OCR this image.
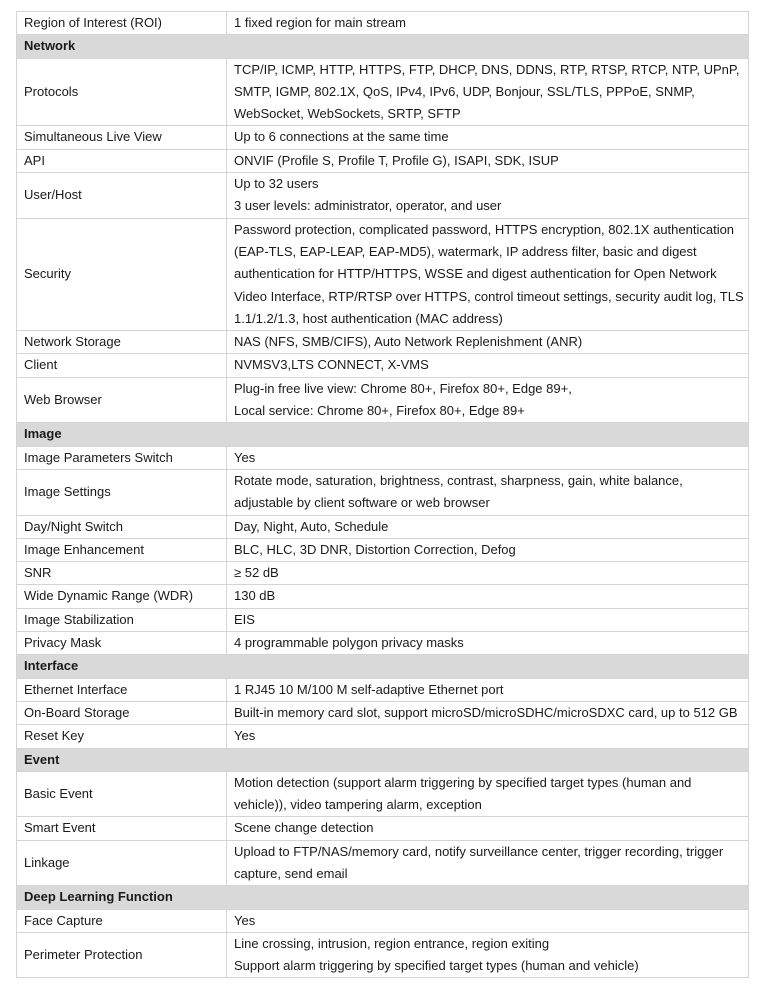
Region of Interest (ROI)	1 fixed region for main stream

Network	
Protocols	TCP/IP, ICMP, HTTP, HTTPS, FTP, DHCP, DNS, DDNS, RTP, RTSP, RTCP, NTP, UPnP,
SMTP, IGMP, 802.1X, QoS, IPv4, IPv6, UDP, Bonjour, SSL/TLS, PPPoE, SNMP,
WebSocket, WebSockets, SRTP, SFTP

Simultaneous Live View	Up to 6 connections at the same time

API	ONVIF (Profile S, Profile T, Profile G), ISAPI, SDK, ISUP

User/Host	Up to 32 users
3 user levels: administrator, operator, and user

Security	Password protection, complicated password, HTTPS encryption, 802.1X authentication
(EAP-TLS, EAP-LEAP, EAP-MD5), watermark, IP address filter, basic and digest
authentication for HTTP/HTTPS, WSSE and digest authentication for Open Network
Video Interface, RTP/RTSP over HTTPS, control timeout settings, security audit log, TLS
1.1/1.2/1.3, host authentication (MAC address)

Network Storage	NAS (NFS, SMB/CIFS), Auto Network Replenishment (ANR)

Client	NVMSV3,LTS CONNECT, X-VMS

Web Browser	Plug-in free live view: Chrome 80+, Firefox 80+, Edge 89+,
Local service: Chrome 80+, Firefox 80+, Edge 89+

Image	
Image Parameters Switch	Yes

Image Settings	Rotate mode, saturation, brightness, contrast, sharpness, gain, white balance,
adjustable by client software or web browser

Day/Night Switch	Day, Night, Auto, Schedule

Image Enhancement	BLC, HLC, 3D DNR, Distortion Correction, Defog

SNR	≥ 52 dB

Wide Dynamic Range (WDR)	130 dB

Image Stabilization	EIS

Privacy Mask	4 programmable polygon privacy masks

Interface	
Ethernet Interface	1 RJ45 10 M/100 M self-adaptive Ethernet port

On-Board Storage	Built-in memory card slot, support microSD/microSDHC/microSDXC card, up to 512 GB

Reset Key	Yes

Event	
Basic Event	Motion detection (support alarm triggering by specified target types (human and
vehicle)), video tampering alarm, exception

Smart Event	Scene change detection

Linkage	Upload to FTP/NAS/memory card, notify surveillance center, trigger recording, trigger
capture, send email

Deep Learning Function	
Face Capture	Yes

Perimeter Protection	Line crossing, intrusion, region entrance, region exiting
Support alarm triggering by specified target types (human and vehicle)
